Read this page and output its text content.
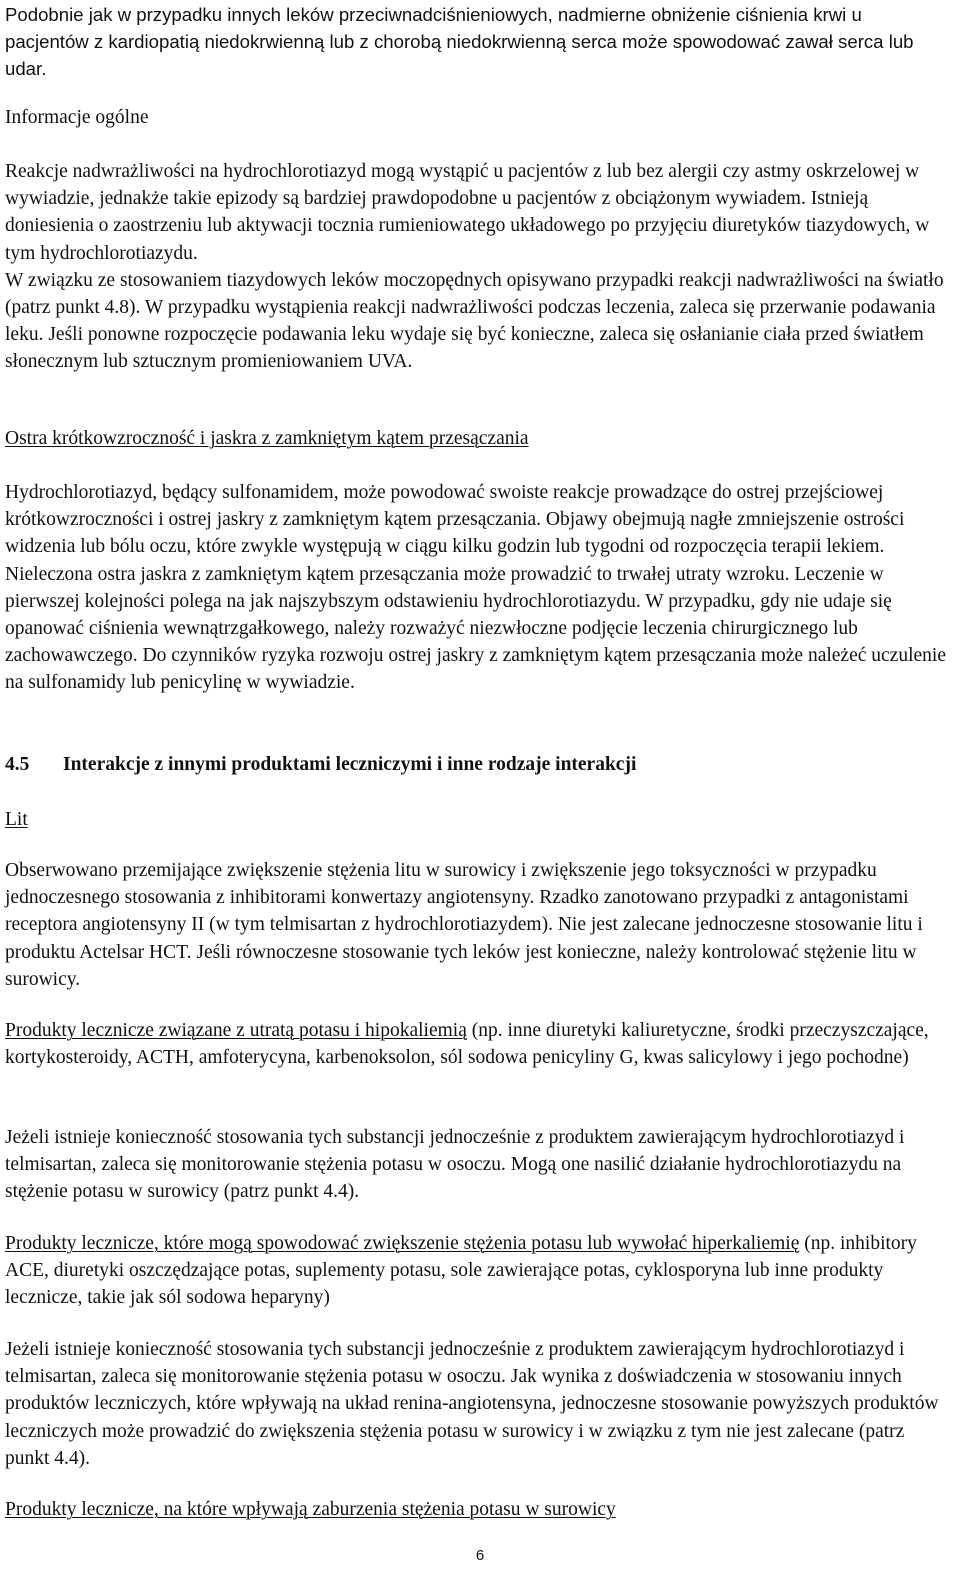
Podobnie jak w przypadku innych leków przeciwnadciśnieniowych, nadmierne obniżenie ciśnienia krwi u pacjentów z kardiopatią niedokrwienną lub z chorobą niedokrwienną serca może spowodować zawał serca lub udar.

Informacje ogólne

Reakcje nadwrażliwości na hydrochlorotiazyd mogą wystąpić u pacjentów z lub bez alergii czy astmy oskrzelowej w wywiadzie, jednakże takie epizody są bardziej prawdopodobne u pacjentów z obciążonym wywiadem. Istnieją doniesienia o zaostrzeniu lub aktywacji tocznia rumieniowatego układowego po przyjęciu diuretyków tiazydowych, w tym hydrochlorotiazydu.
W związku ze stosowaniem tiazydowych leków moczopędnych opisywano przypadki reakcji nadwrażliwości na światło (patrz punkt 4.8). W przypadku wystąpienia reakcji nadwrażliwości podczas leczenia, zaleca się przerwanie podawania leku. Jeśli ponowne rozpoczęcie podawania leku wydaje się być konieczne, zaleca się osłanianie ciała przed światłem słonecznym lub sztucznym promieniowaniem UVA.

Ostra krótkowzroczność i jaskra z zamkniętym kątem przesączania

Hydrochlorotiazyd, będący sulfonamidem, może powodować swoiste reakcje prowadzące do ostrej przejściowej krótkowzroczności i ostrej jaskry z zamkniętym kątem przesączania. Objawy obejmują nagłe zmniejszenie ostrości widzenia lub bólu oczu, które zwykle występują w ciągu kilku godzin lub tygodni od rozpoczęcia terapii lekiem. Nieleczona ostra jaskra z zamkniętym kątem przesączania może prowadzić to trwałej utraty wzroku. Leczenie w pierwszej kolejności polega na jak najszybszym odstawieniu hydrochlorotiazydu. W przypadku, gdy nie udaje się opanować ciśnienia wewnątrzgałkowego, należy rozważyć niezwłoczne podjęcie leczenia chirurgicznego lub zachowawczego. Do czynników ryzyka rozwoju ostrej jaskry z zamkniętym kątem przesączania może należeć uczulenie na sulfonamidy lub penicylinę w wywiadzie.

4.5 Interakcje z innymi produktami leczniczymi i inne rodzaje interakcji

Lit

Obserwowano przemijające zwiększenie stężenia litu w surowicy i zwiększenie jego toksyczności w przypadku jednoczesnego stosowania z inhibitorami konwertazy angiotensyny. Rzadko zanotowano przypadki z antagonistami receptora angiotensyny II (w tym telmisartan z hydrochlorotiazydem). Nie jest zalecane jednoczesne stosowanie litu i produktu Actelsar HCT. Jeśli równoczesne stosowanie tych leków jest konieczne, należy kontrolować stężenie litu w surowicy.

Produkty lecznicze związane z utratą potasu i hipokaliemią (np. inne diuretyki kaliuretyczne, środki przeczyszczające, kortykosteroidy, ACTH, amfoterycyna, karbenoksolon, sól sodowa penicyliny G, kwas salicylowy i jego pochodne)

Jeżeli istnieje konieczność stosowania tych substancji jednocześnie z produktem zawierającym hydrochlorotiazyd i telmisartan, zaleca się monitorowanie stężenia potasu w osoczu. Mogą one nasilić działanie hydrochlorotiazydu na stężenie potasu w surowicy (patrz punkt 4.4).

Produkty lecznicze, które mogą spowodować zwiększenie stężenia potasu lub wywołać hiperkaliemię (np. inhibitory ACE, diuretyki oszczędzające potas, suplementy potasu, sole zawierające potas, cyklosporyna lub inne produkty lecznicze, takie jak sól sodowa heparyny)

Jeżeli istnieje konieczność stosowania tych substancji jednocześnie z produktem zawierającym hydrochlorotiazyd i telmisartan, zaleca się monitorowanie stężenia potasu w osoczu. Jak wynika z doświadczenia w stosowaniu innych produktów leczniczych, które wpływają na układ renina-angiotensyna, jednoczesne stosowanie powyższych produktów leczniczych może prowadzić do zwiększenia stężenia potasu w surowicy i w związku z tym nie jest zalecane (patrz punkt 4.4).

Produkty lecznicze, na które wpływają zaburzenia stężenia potasu w surowicy

6
